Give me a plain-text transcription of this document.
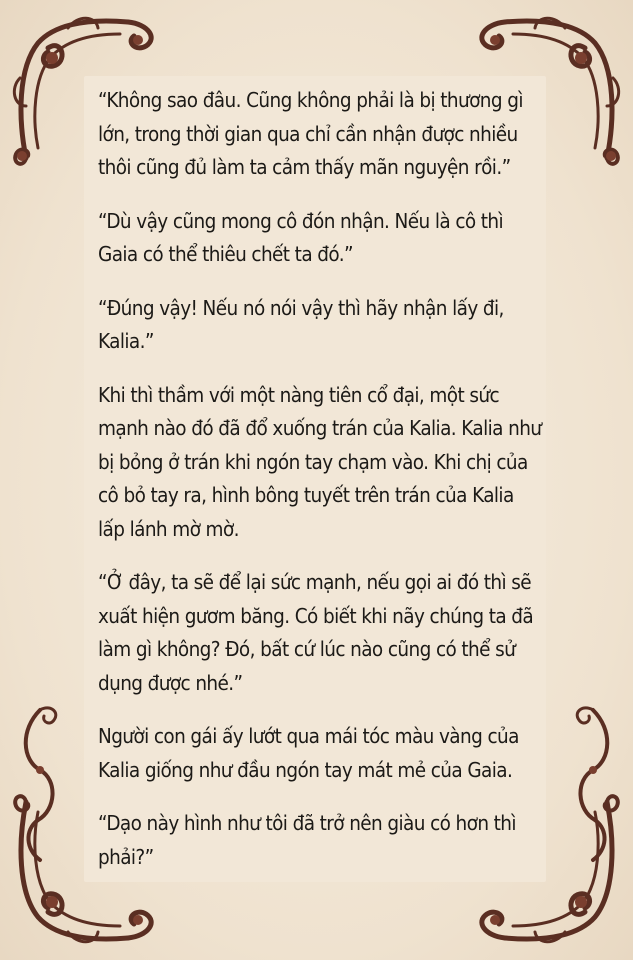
“Không sao đâu. Cũng không phải là bị thương gì lớn, trong thời gian qua chỉ cần nhận được nhiều thôi cũng đủ làm ta cảm thấy mãn nguyện rồi.”

“Dù vậy cũng mong cô đón nhận. Nếu là cô thì Gaia có thể thiêu chết ta đó.”

“Đúng vậy! Nếu nó nói vậy thì hãy nhận lấy đi, Kalia.”

Khi thì thầm với một nàng tiên cổ đại, một sức mạnh nào đó đã đổ xuống trán của Kalia. Kalia như bị bỏng ở trán khi ngón tay chạm vào. Khi chị của cô bỏ tay ra, hình bông tuyết trên trán của Kalia lấp lánh mờ mờ.

“Ở đây, ta sẽ để lại sức mạnh, nếu gọi ai đó thì sẽ xuất hiện gươm băng. Có biết khi nãy chúng ta đã làm gì không? Đó, bất cứ lúc nào cũng có thể sử dụng được nhé.”

Người con gái ấy lướt qua mái tóc màu vàng của Kalia giống như đầu ngón tay mát mẻ của Gaia.

“Dạo này hình như tôi đã trở nên giàu có hơn thì phải?”
